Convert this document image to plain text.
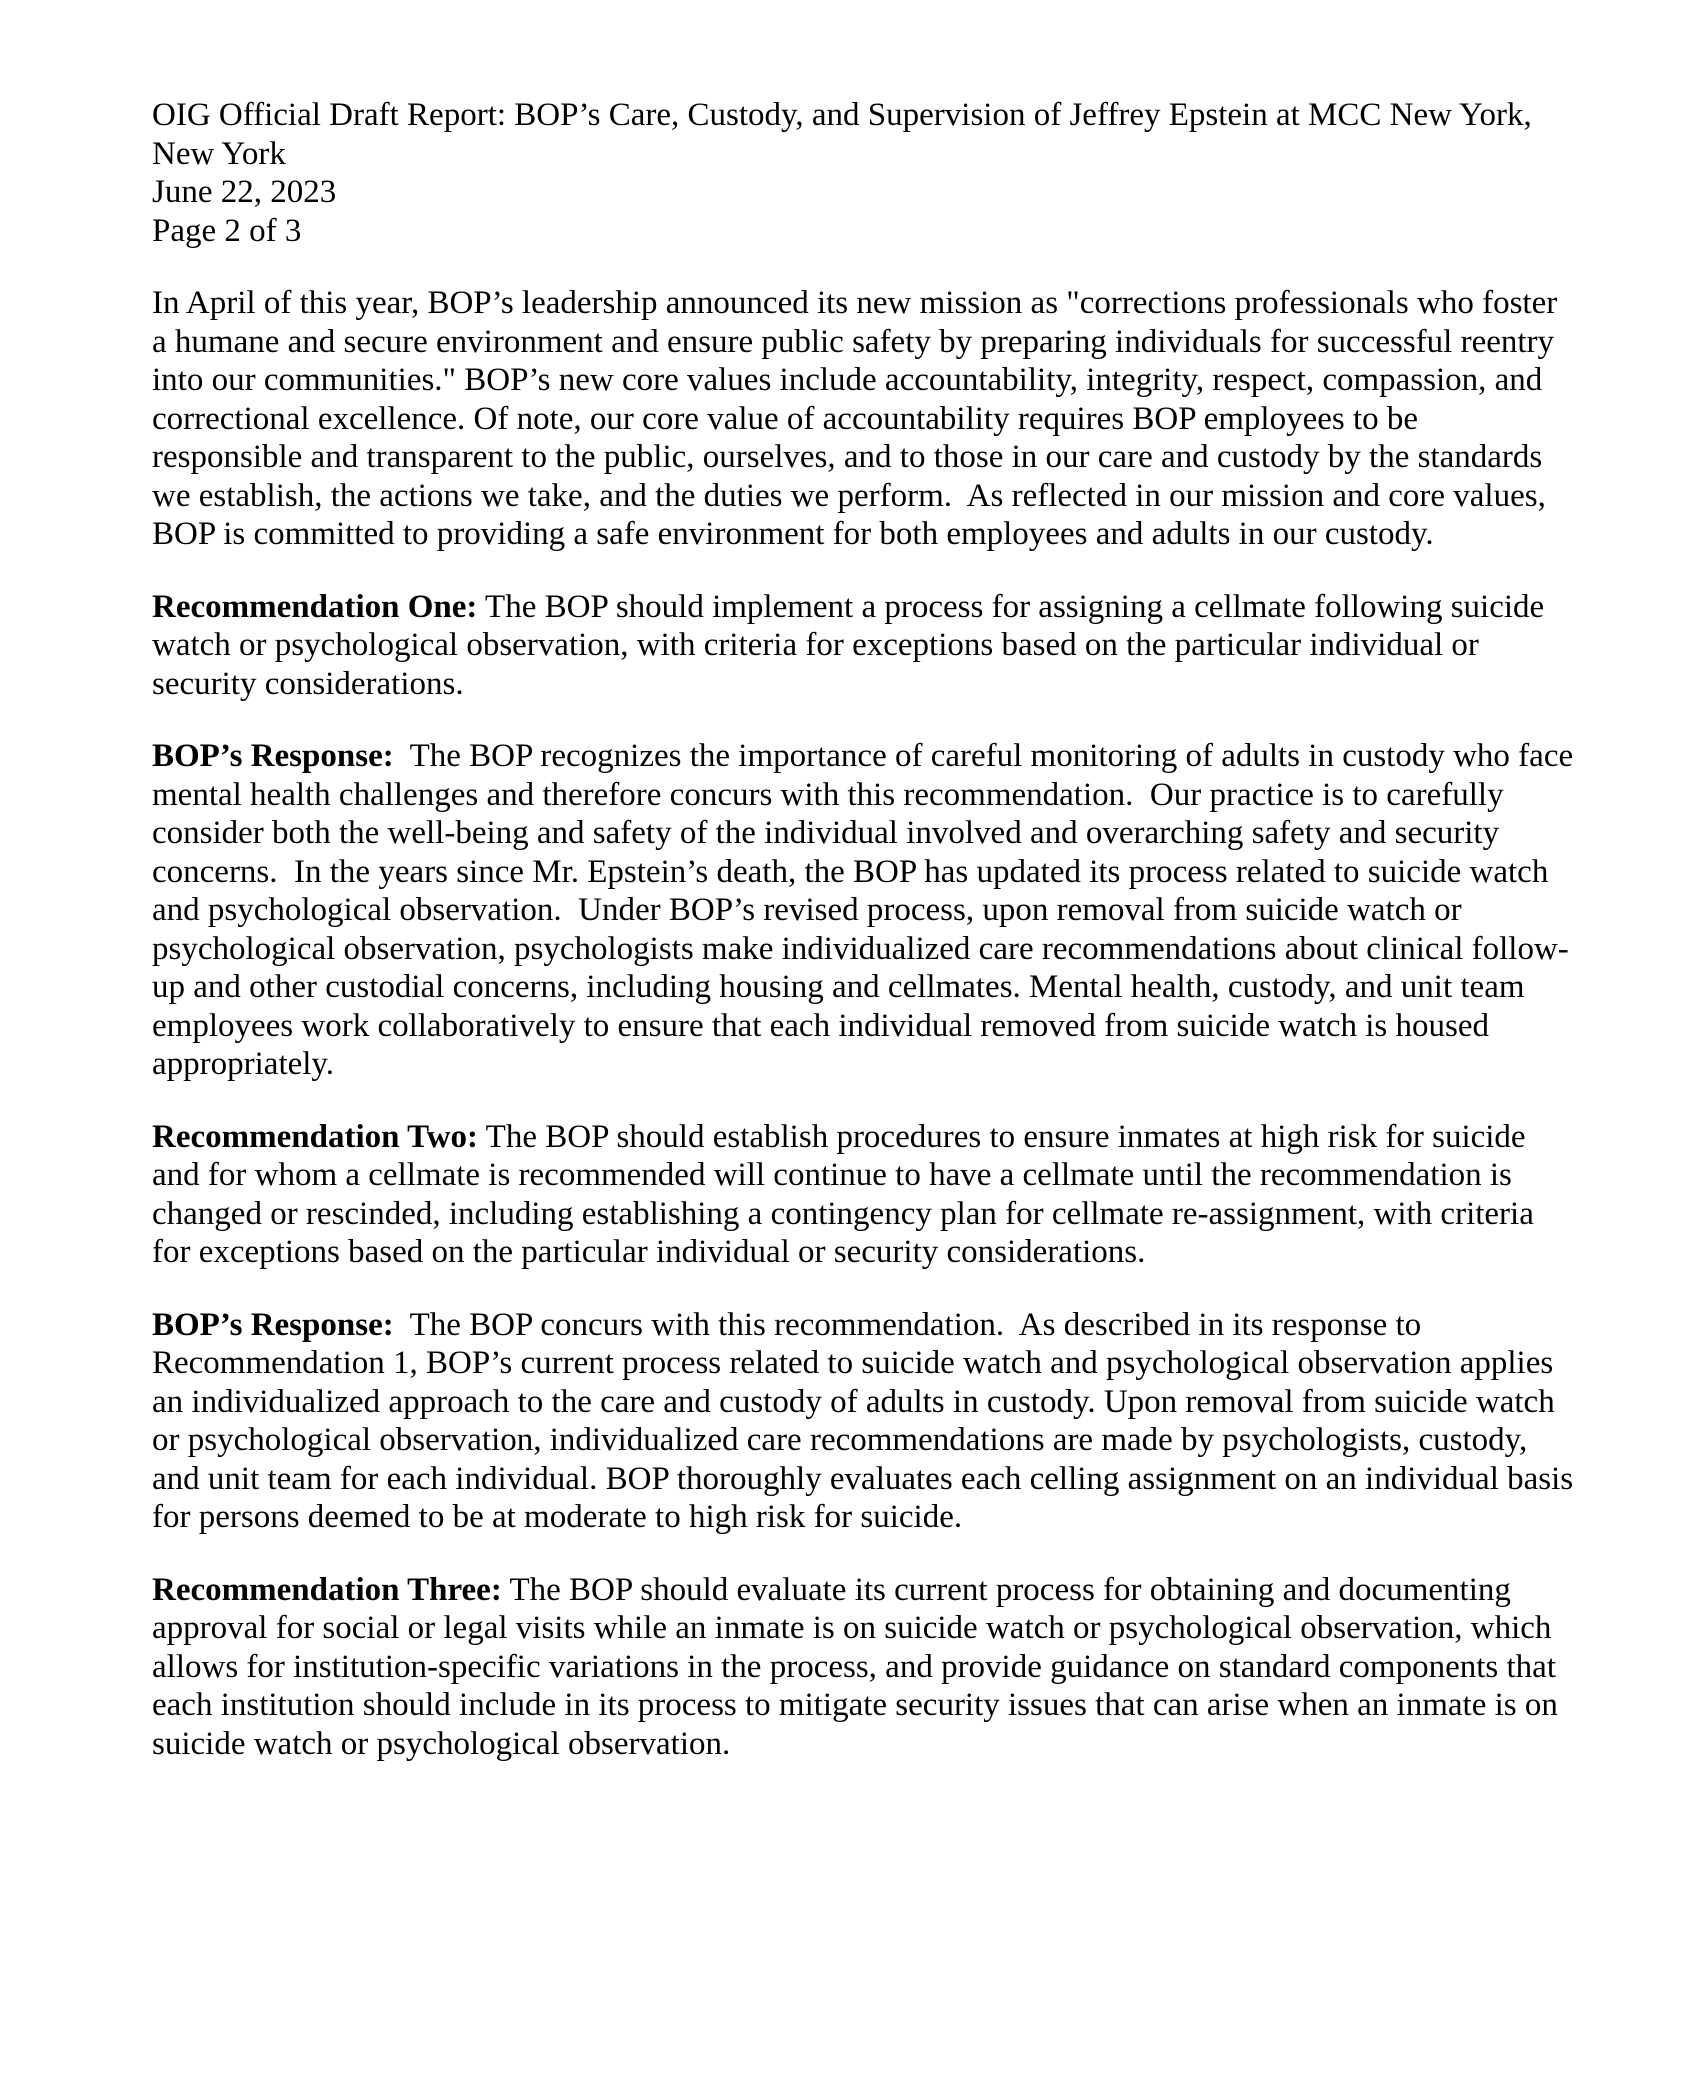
OIG Official Draft Report: BOP’s Care, Custody, and Supervision of Jeffrey Epstein at MCC New York,
New York
June 22, 2023
Page 2 of 3

In April of this year, BOP’s leadership announced its new mission as "corrections professionals who foster a humane and secure environment and ensure public safety by preparing individuals for successful reentry into our communities." BOP’s new core values include accountability, integrity, respect, compassion, and correctional excellence. Of note, our core value of accountability requires BOP employees to be responsible and transparent to the public, ourselves, and to those in our care and custody by the standards we establish, the actions we take, and the duties we perform.  As reflected in our mission and core values, BOP is committed to providing a safe environment for both employees and adults in our custody.

Recommendation One: The BOP should implement a process for assigning a cellmate following suicide watch or psychological observation, with criteria for exceptions based on the particular individual or security considerations.

BOP’s Response:  The BOP recognizes the importance of careful monitoring of adults in custody who face mental health challenges and therefore concurs with this recommendation.  Our practice is to carefully consider both the well-being and safety of the individual involved and overarching safety and security concerns.  In the years since Mr. Epstein’s death, the BOP has updated its process related to suicide watch and psychological observation.  Under BOP’s revised process, upon removal from suicide watch or psychological observation, psychologists make individualized care recommendations about clinical follow-up and other custodial concerns, including housing and cellmates. Mental health, custody, and unit team employees work collaboratively to ensure that each individual removed from suicide watch is housed appropriately.

Recommendation Two: The BOP should establish procedures to ensure inmates at high risk for suicide and for whom a cellmate is recommended will continue to have a cellmate until the recommendation is changed or rescinded, including establishing a contingency plan for cellmate re-assignment, with criteria for exceptions based on the particular individual or security considerations.

BOP’s Response:  The BOP concurs with this recommendation.  As described in its response to Recommendation 1, BOP’s current process related to suicide watch and psychological observation applies an individualized approach to the care and custody of adults in custody. Upon removal from suicide watch or psychological observation, individualized care recommendations are made by psychologists, custody, and unit team for each individual. BOP thoroughly evaluates each celling assignment on an individual basis for persons deemed to be at moderate to high risk for suicide.

Recommendation Three: The BOP should evaluate its current process for obtaining and documenting approval for social or legal visits while an inmate is on suicide watch or psychological observation, which allows for institution-specific variations in the process, and provide guidance on standard components that each institution should include in its process to mitigate security issues that can arise when an inmate is on suicide watch or psychological observation.
